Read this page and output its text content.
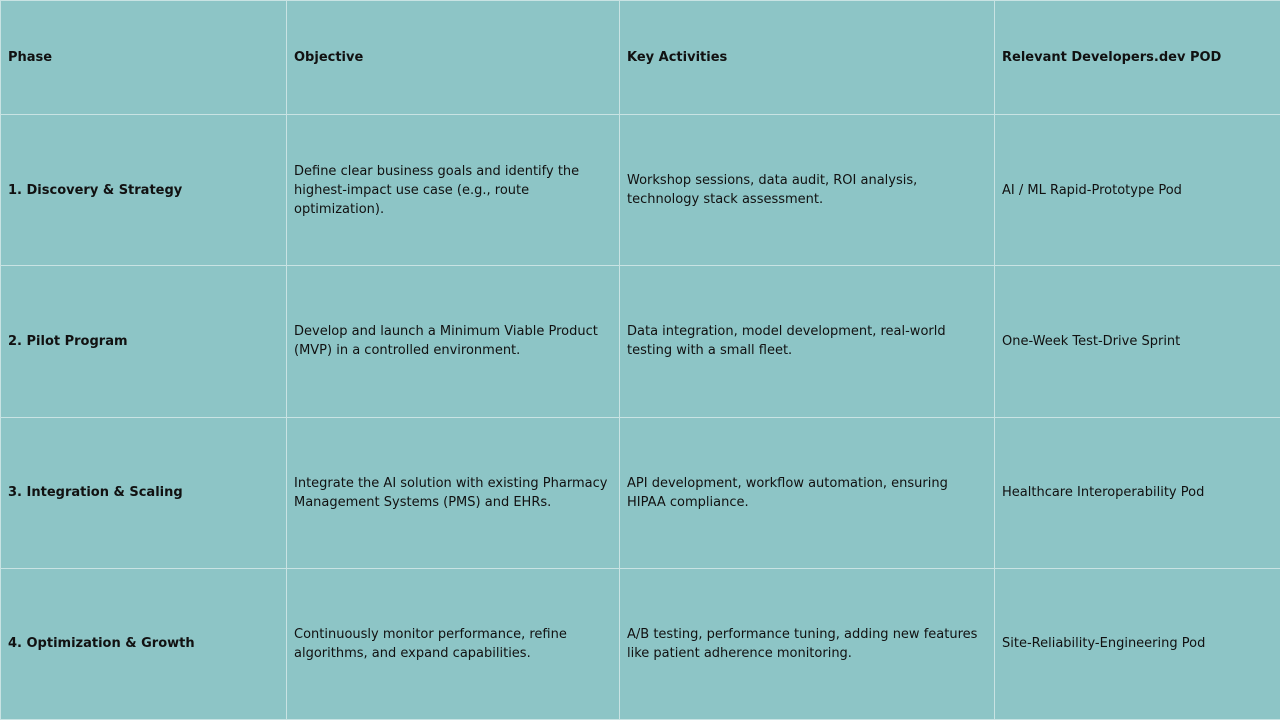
Phase	Objective	Key Activities	Relevant Developers.dev POD
1. Discovery & Strategy	Define clear business goals and identify the highest-impact use case (e.g., route optimization).	Workshop sessions, data audit, ROI analysis, technology stack assessment.	AI / ML Rapid-Prototype Pod
2. Pilot Program	Develop and launch a Minimum Viable Product (MVP) in a controlled environment.	Data integration, model development, real-world testing with a small fleet.	One-Week Test-Drive Sprint
3. Integration & Scaling	Integrate the AI solution with existing Pharmacy Management Systems (PMS) and EHRs.	API development, workflow automation, ensuring HIPAA compliance.	Healthcare Interoperability Pod
4. Optimization & Growth	Continuously monitor performance, refine algorithms, and expand capabilities.	A/B testing, performance tuning, adding new features like patient adherence monitoring.	Site-Reliability-Engineering Pod
